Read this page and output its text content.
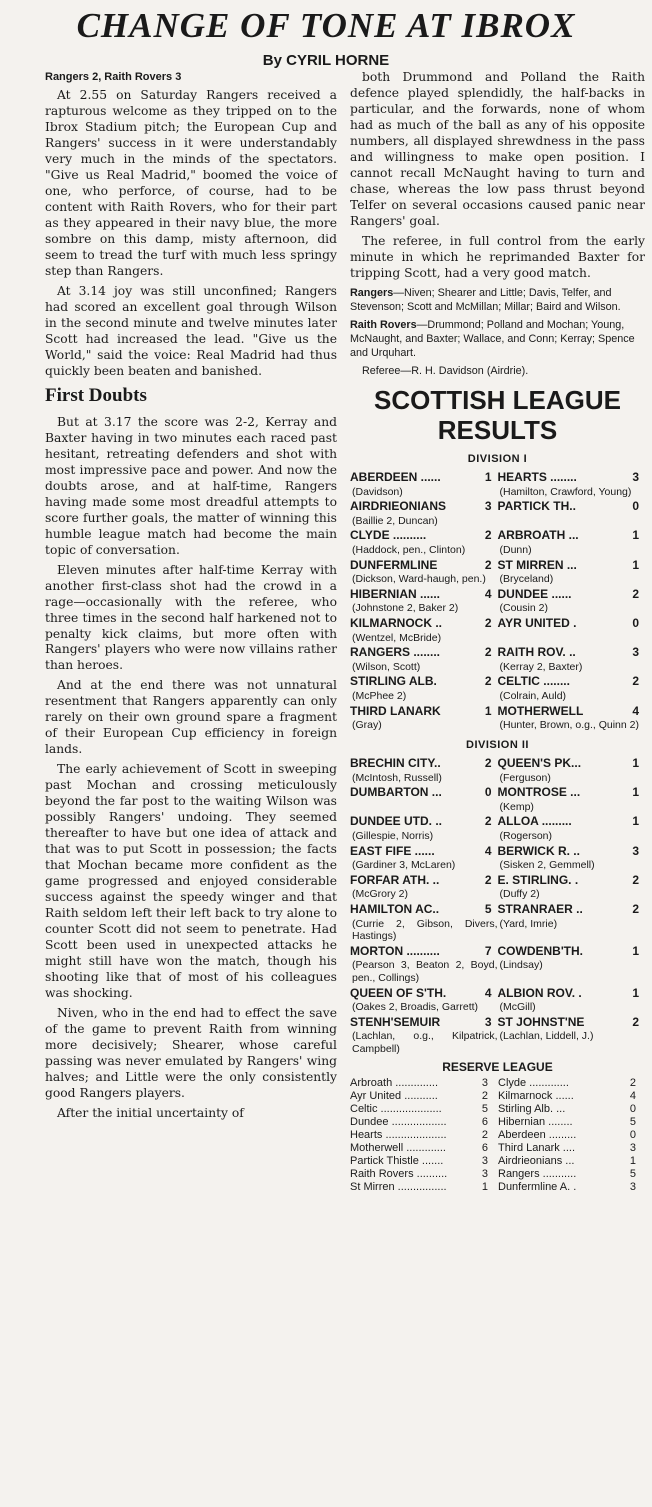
CHANGE OF TONE AT IBROX
By CYRIL HORNE

Rangers 2, Raith Rovers 3

At 2.55 on Saturday Rangers received a rapturous welcome as they tripped on to the Ibrox Stadium pitch; the European Cup and Rangers' success in it were understandably very much in the minds of the spectators. "Give us Real Madrid," boomed the voice of one, who perforce, of course, had to be content with Raith Rovers, who for their part as they appeared in their navy blue, the more sombre on this damp, misty afternoon, did seem to tread the turf with much less springy step than Rangers.

At 3.14 joy was still unconfined; Rangers had scored an excellent goal through Wilson in the second minute and twelve minutes later Scott had increased the lead. "Give us the World," said the voice: Real Madrid had thus quickly been beaten and banished.

First Doubts

But at 3.17 the score was 2-2, Kerray and Baxter having in two minutes each raced past hesitant, retreating defenders and shot with most impressive pace and power. And now the doubts arose, and at half-time, Rangers having made some most dreadful attempts to score further goals, the matter of winning this humble league match had become the main topic of conversation.

Eleven minutes after half-time Kerray with another first-class shot had the crowd in a rage—occasionally with the referee, who three times in the second half harkened not to penalty kick claims, but more often with Rangers' players who were now villains rather than heroes.

And at the end there was not unnatural resentment that Rangers apparently can only rarely on their own ground spare a fragment of their European Cup efficiency in foreign lands.

The early achievement of Scott in sweeping past Mochan and crossing meticulously beyond the far post to the waiting Wilson was possibly Rangers' undoing. They seemed thereafter to have but one idea of attack and that was to put Scott in possession; the facts that Mochan became more confident as the game progressed and enjoyed considerable success against the speedy winger and that Raith seldom left their left back to try alone to counter Scott did not seem to penetrate. Had Scott been used in unexpected attacks he might still have won the match, though his shooting like that of most of his colleagues was shocking.

Niven, who in the end had to effect the save of the game to prevent Raith from winning more decisively; Shearer, whose careful passing was never emulated by Rangers' wing halves; and Little were the only consistently good Rangers players.

After the initial uncertainty of

both Drummond and Polland the Raith defence played splendidly, the half-backs in particular, and the forwards, none of whom had as much of the ball as any of his opposite numbers, all displayed shrewdness in the pass and willingness to make open position. I cannot recall McNaught having to turn and chase, whereas the low pass thrust beyond Telfer on several occasions caused panic near Rangers' goal.

The referee, in full control from the early minute in which he reprimanded Baxter for tripping Scott, had a very good match.

Rangers—Niven; Shearer and Little; Davis, Telfer, and Stevenson; Scott and McMillan; Millar; Baird and Wilson.

Raith Rovers—Drummond; Polland and Mochan; Young, McNaught, and Baxter; Wallace, and Conn; Kerray; Spence and Urquhart.

Referee—R. H. Davidson (Airdrie).

SCOTTISH LEAGUE
RESULTS
DIVISION I
ABERDEEN ......	1
(Davidson)
HEARTS ........	3
(Hamilton, Crawford, Young)
AIRDRIEONIANS	3
(Baillie 2, Duncan)
PARTICK TH..	0
CLYDE ..........	2
(Haddock, pen., Clinton)
ARBROATH ...	1
(Dunn)
DUNFERMLINE	2
(Dickson, Ward-haugh, pen.)
ST MIRREN ...	1
(Bryceland)
HIBERNIAN ......	4
(Johnstone 2, Baker 2)
DUNDEE ......	2
(Cousin 2)
KILMARNOCK ..	2
(Wentzel, McBride)
AYR UNITED .	0
RANGERS ........	2
(Wilson, Scott)
RAITH ROV. ..	3
(Kerray 2, Baxter)
STIRLING ALB.	2
(McPhee 2)
CELTIC ........	2
(Colrain, Auld)
THIRD LANARK	1
(Gray)
MOTHERWELL	4
(Hunter, Brown, o.g., Quinn 2)
DIVISION II
BRECHIN CITY..	2
(McIntosh, Russell)
QUEEN'S PK...	1
(Ferguson)
DUMBARTON ...	0 MONTROSE ...	1
(Kemp)
DUNDEE UTD. ..	2
(Gillespie, Norris)
ALLOA .........	1
(Rogerson)
EAST FIFE ......	4
(Gardiner 3, McLaren)
BERWICK R. ..	3
(Sisken 2, Gemmell)
FORFAR ATH. ..	2
(McGrory 2)
E. STIRLING. .	2
(Duffy 2)
HAMILTON AC..	5
(Currie 2, Gibson, Divers, Hastings)
STRANRAER ..	2
(Yard, Imrie)
MORTON ..........	7
(Pearson 3, Beaton 2, Boyd, pen., Collings)
COWDENB'TH.	1
(Lindsay)
QUEEN OF S'TH.	4
(Oakes 2, Broadis, Garrett)
ALBION ROV. .	1
(McGill)
STENH'SEMUIR	3
(Lachlan, o.g., Kilpatrick, Campbell)
ST JOHNST'NE	2
(Lachlan, Liddell, J.)
RESERVE LEAGUE
Arbroath ..............	3 Clyde .............	2
Ayr United ...........	2 Kilmarnock ......	4
Celtic ....................	5 Stirling Alb. ...	0
Dundee ..................	6 Hibernian ........	5
Hearts ....................	2 Aberdeen .........	0
Motherwell .............	6 Third Lanark ....	3
Partick Thistle .......	3 Airdrieonians ...	1
Raith Rovers ..........	3 Rangers ...........	5
St Mirren ................	1 Dunfermline A. .	3
